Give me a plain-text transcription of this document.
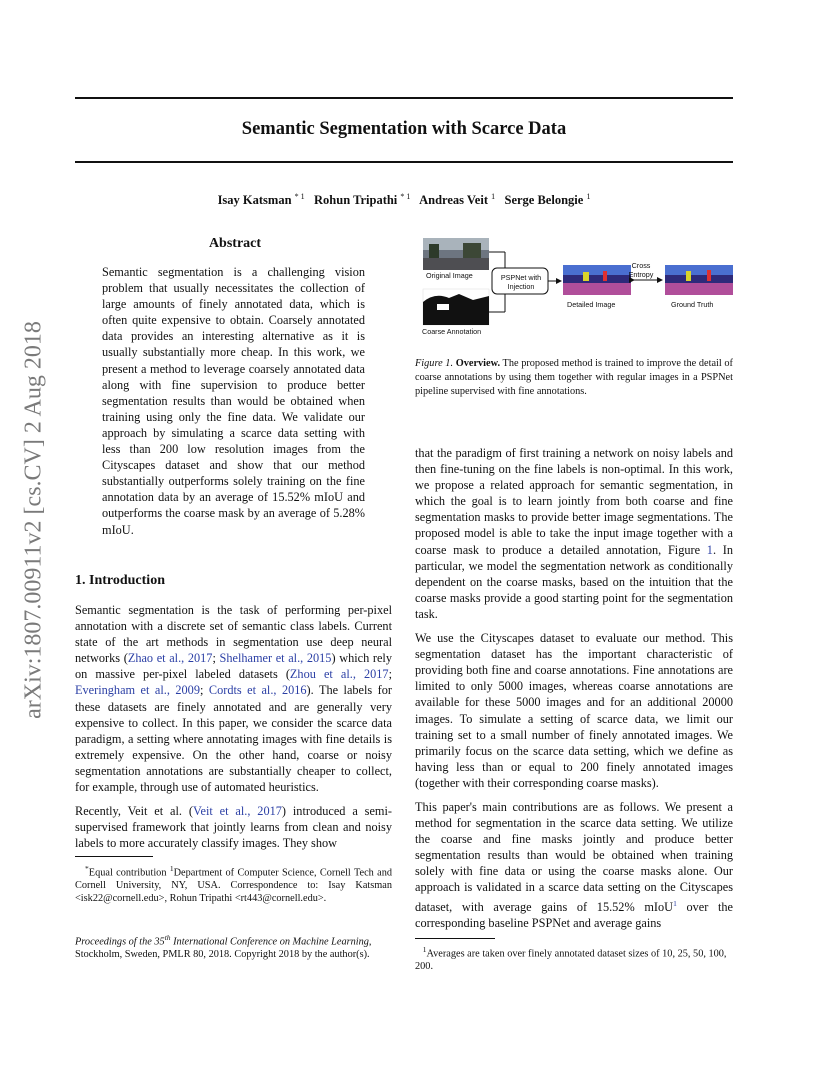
Semantic Segmentation with Scarce Data
Isay Katsman $^{* 1}$ Rohun Tripathi $^{* 1}$ Andreas Veit $^1$ Serge Belongie $^1$
arXiv:1807.00911v2 [cs.CV] 2 Aug 2018
Abstract

Semantic segmentation is a challenging vision problem that usually necessitates the collection of large amounts of finely annotated data, which is often quite expensive to obtain. Coarsely annotated data provides an interesting alternative as it is usually substantially more cheap. In this work, we present a method to leverage coarsely annotated data along with fine supervision to produce better segmentation results than would be obtained when training using only the fine data. We validate our approach by simulating a scarce data setting with less than 200 low resolution images from the Cityscapes dataset and show that our method substantially outperforms solely training on the fine annotation data by an average of 15.52% mIoU and outperforms the coarse mask by an average of 5.28% mIoU.

1. Introduction

Semantic segmentation is the task of performing per-pixel annotation with a discrete set of semantic class labels. Current state of the art methods in segmentation use deep neural networks (Zhao et al., 2017; Shelhamer et al., 2015) which rely on massive per-pixel labeled datasets (Zhou et al., 2017; Everingham et al., 2009; Cordts et al., 2016). The labels for these datasets are finely annotated and are generally very expensive to collect. In this paper, we consider the scarce data paradigm, a setting where annotating images with fine details is extremely expensive. On the other hand, coarse or noisy segmentation annotations are substantially cheaper to collect, for example, through use of automated heuristics.

Recently, Veit et al. (Veit et al., 2017) introduced a semi-supervised framework that jointly learns from clean and noisy labels to more accurately classify images. They show

*Equal contribution $^1$Department of Computer Science, Cornell Tech and Cornell University, NY, USA. Correspondence to: Isay Katsman <isk22@cornell.edu>, Rohun Tripathi <rt443@cornell.edu>.
Proceedings of the 35th International Conference on Machine Learning, Stockholm, Sweden, PMLR 80, 2018. Copyright 2018 by the author(s).
Original Image	PSPNet with
Injection
Coarse Annotation
Detailed Image	Ground Truth
Cross
Entropy
Figure 1. Overview. The proposed method is trained to improve the detail of coarse annotations by using them together with regular images in a PSPNet pipeline supervised with fine annotations.

that the paradigm of first training a network on noisy labels and then fine-tuning on the fine labels is non-optimal. In this work, we propose a related approach for semantic segmentation, in which the goal is to learn jointly from both coarse and fine segmentation masks to provide better image segmentations. The proposed model is able to take the input image together with a coarse mask to produce a detailed annotation, Figure 1. In particular, we model the segmentation network as conditionally dependent on the coarse masks, based on the intuition that the coarse masks provide a good starting point for the segmentation task.

We use the Cityscapes dataset to evaluate our method. This segmentation dataset has the important characteristic of providing both fine and coarse annotations. Fine annotations are limited to only 5000 images, whereas coarse annotations are available for these 5000 images and for an additional 20000 images. To simulate a setting of scarce data, we limit our training set to a small number of finely annotated images. We primarily focus on the scarce data setting, which we define as having less than or equal to 200 finely annotated images (together with their corresponding coarse masks).

This paper's main contributions are as follows. We present a method for segmentation in the scarce data setting. We utilize the coarse and fine masks jointly and produce better segmentation results than would be obtained when training solely with fine data or using the coarse masks alone. Our approach is validated in a scarce data setting on the Cityscapes dataset, with average gains of 15.52% mIoU$^1$ over the corresponding baseline PSPNet and average gains

$^1$Averages are taken over finely annotated dataset sizes of 10, 25, 50, 100, 200.
